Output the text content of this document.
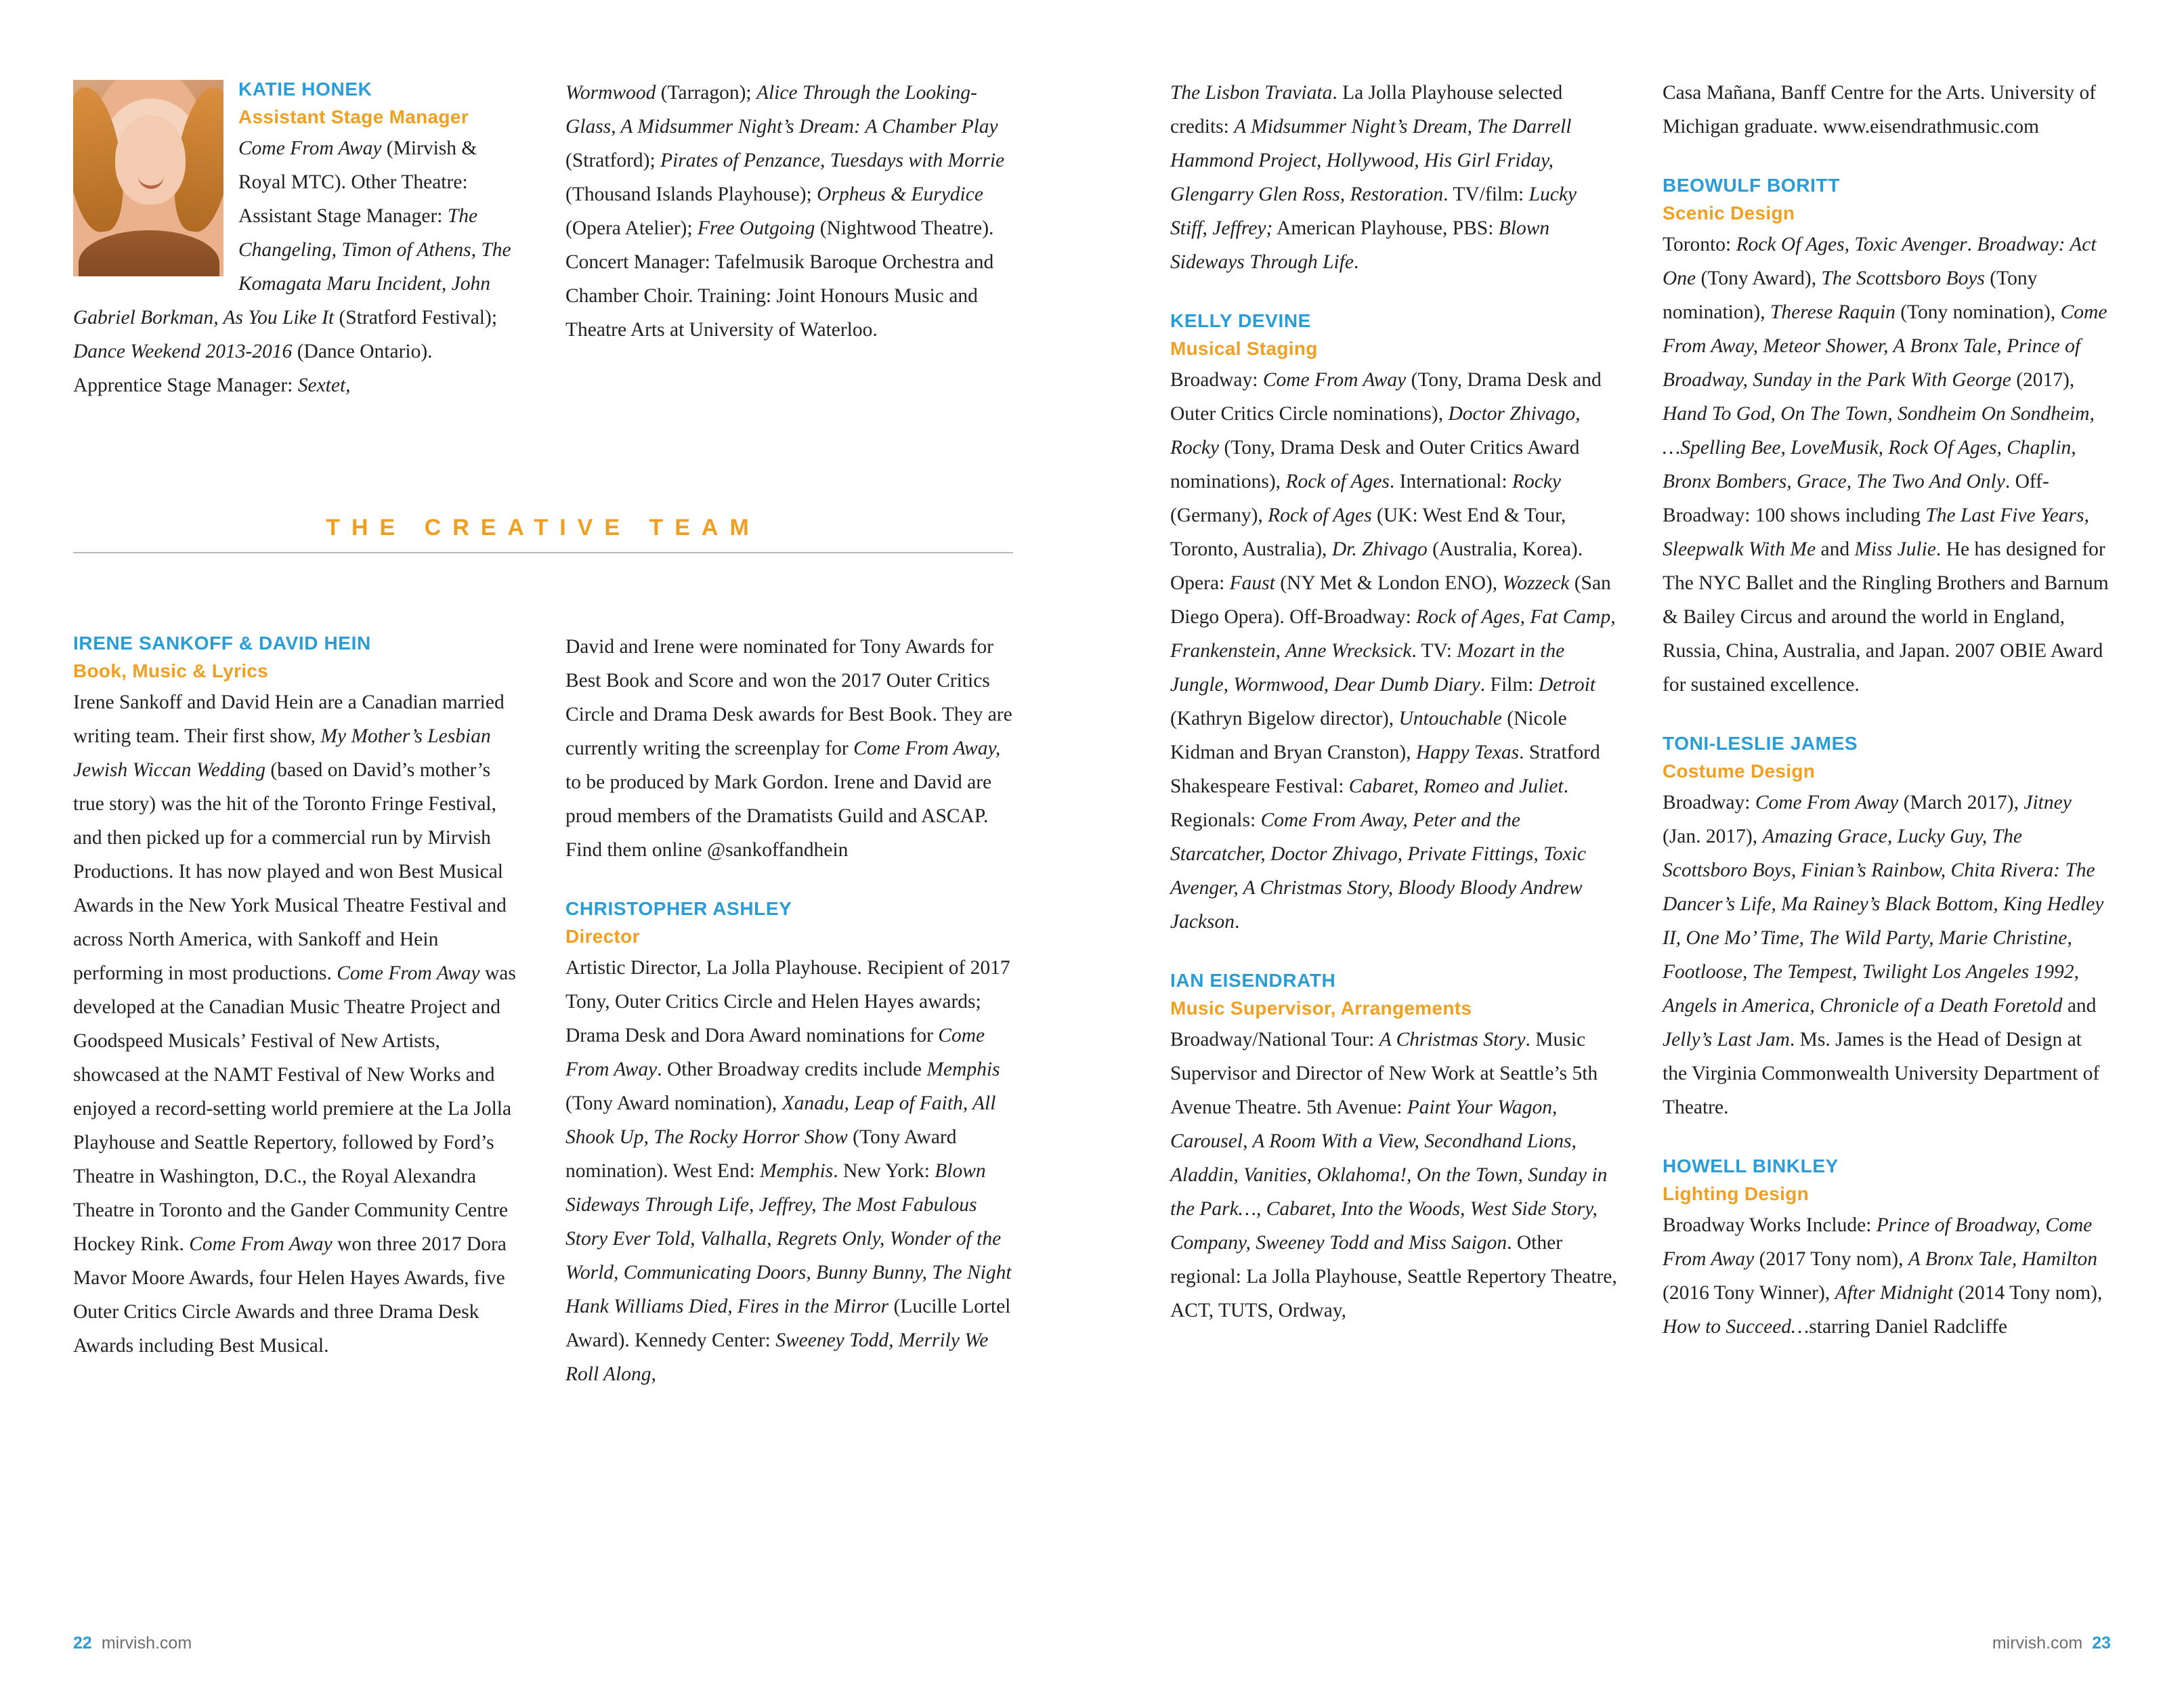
KATIE HONEK

Assistant Stage Manager

Come From Away (Mirvish & Royal MTC). Other Theatre: Assistant Stage Manager: The Changeling, Timon of Athens, The Komagata Maru Incident, John Gabriel Borkman, As You Like It (Stratford Festival); Dance Weekend 2013-2016 (Dance Ontario). Apprentice Stage Manager: Sextet,

Wormwood (Tarragon); Alice Through the Looking-Glass, A Midsummer Night’s Dream: A Chamber Play (Stratford); Pirates of Penzance, Tuesdays with Morrie (Thousand Islands Playhouse); Orpheus & Eurydice (Opera Atelier); Free Outgoing (Nightwood Theatre). Concert Manager: Tafelmusik Baroque Orchestra and Chamber Choir. Training: Joint Honours Music and Theatre Arts at University of Waterloo.

The Lisbon Traviata. La Jolla Playhouse selected credits: A Midsummer Night’s Dream, The Darrell Hammond Project, Hollywood, His Girl Friday, Glengarry Glen Ross, Restoration. TV/film: Lucky Stiff, Jeffrey; American Playhouse, PBS: Blown Sideways Through Life.

KELLY DEVINE

Musical Staging

Broadway: Come From Away (Tony, Drama Desk and Outer Critics Circle nominations), Doctor Zhivago, Rocky (Tony, Drama Desk and Outer Critics Award nominations), Rock of Ages. International: Rocky (Germany), Rock of Ages (UK: West End & Tour, Toronto, Australia), Dr. Zhivago (Australia, Korea). Opera: Faust (NY Met & London ENO), Wozzeck (San Diego Opera). Off-Broadway: Rock of Ages, Fat Camp, Frankenstein, Anne Wrecksick. TV: Mozart in the Jungle, Wormwood, Dear Dumb Diary. Film: Detroit (Kathryn Bigelow director), Untouchable (Nicole Kidman and Bryan Cranston), Happy Texas. Stratford Shakespeare Festival: Cabaret, Romeo and Juliet. Regionals: Come From Away, Peter and the Starcatcher, Doctor Zhivago, Private Fittings, Toxic Avenger, A Christmas Story, Bloody Bloody Andrew Jackson.

IAN EISENDRATH

Music Supervisor, Arrangements

Broadway/National Tour: A Christmas Story. Music Supervisor and Director of New Work at Seattle’s 5th Avenue Theatre. 5th Avenue: Paint Your Wagon, Carousel, A Room With a View, Secondhand Lions, Aladdin, Vanities, Oklahoma!, On the Town, Sunday in the Park…, Cabaret, Into the Woods, West Side Story, Company, Sweeney Todd and Miss Saigon. Other regional: La Jolla Playhouse, Seattle Repertory Theatre, ACT, TUTS, Ordway,

Casa Mañana, Banff Centre for the Arts. University of Michigan graduate. www.eisendrathmusic.com

BEOWULF BORITT

Scenic Design

Toronto: Rock Of Ages, Toxic Avenger. Broadway: Act One (Tony Award), The Scottsboro Boys (Tony nomination), Therese Raquin (Tony nomination), Come From Away, Meteor Shower, A Bronx Tale, Prince of Broadway, Sunday in the Park With George (2017), Hand To God, On The Town, Sondheim On Sondheim, …Spelling Bee, LoveMusik, Rock Of Ages, Chaplin, Bronx Bombers, Grace, The Two And Only. Off-Broadway: 100 shows including The Last Five Years, Sleepwalk With Me and Miss Julie. He has designed for The NYC Ballet and the Ringling Brothers and Barnum & Bailey Circus and around the world in England, Russia, China, Australia, and Japan. 2007 OBIE Award for sustained excellence.

TONI-LESLIE JAMES

Costume Design

Broadway: Come From Away (March 2017), Jitney (Jan. 2017), Amazing Grace, Lucky Guy, The Scottsboro Boys, Finian’s Rainbow, Chita Rivera: The Dancer’s Life, Ma Rainey’s Black Bottom, King Hedley II, One Mo’ Time, The Wild Party, Marie Christine, Footloose, The Tempest, Twilight Los Angeles 1992, Angels in America, Chronicle of a Death Foretold and Jelly’s Last Jam. Ms. James is the Head of Design at the Virginia Commonwealth University Department of Theatre.

HOWELL BINKLEY

Lighting Design

Broadway Works Include: Prince of Broadway, Come From Away (2017 Tony nom), A Bronx Tale, Hamilton (2016 Tony Winner), After Midnight (2014 Tony nom), How to Succeed…starring Daniel Radcliffe

THE CREATIVE TEAM

IRENE SANKOFF & DAVID HEIN

Book, Music & Lyrics

Irene Sankoff and David Hein are a Canadian married writing team. Their first show, My Mother’s Lesbian Jewish Wiccan Wedding (based on David’s mother’s true story) was the hit of the Toronto Fringe Festival, and then picked up for a commercial run by Mirvish Productions. It has now played and won Best Musical Awards in the New York Musical Theatre Festival and across North America, with Sankoff and Hein performing in most productions. Come From Away was developed at the Canadian Music Theatre Project and Goodspeed Musicals’ Festival of New Artists, showcased at the NAMT Festival of New Works and enjoyed a record-setting world premiere at the La Jolla Playhouse and Seattle Repertory, followed by Ford’s Theatre in Washington, D.C., the Royal Alexandra Theatre in Toronto and the Gander Community Centre Hockey Rink. Come From Away won three 2017 Dora Mavor Moore Awards, four Helen Hayes Awards, five Outer Critics Circle Awards and three Drama Desk Awards including Best Musical.

David and Irene were nominated for Tony Awards for Best Book and Score and won the 2017 Outer Critics Circle and Drama Desk awards for Best Book. They are currently writing the screenplay for Come From Away, to be produced by Mark Gordon. Irene and David are proud members of the Dramatists Guild and ASCAP. Find them online @sankoffandhein

CHRISTOPHER ASHLEY

Director

Artistic Director, La Jolla Playhouse. Recipient of 2017 Tony, Outer Critics Circle and Helen Hayes awards; Drama Desk and Dora Award nominations for Come From Away. Other Broadway credits include Memphis (Tony Award nomination), Xanadu, Leap of Faith, All Shook Up, The Rocky Horror Show (Tony Award nomination). West End: Memphis. New York: Blown Sideways Through Life, Jeffrey, The Most Fabulous Story Ever Told, Valhalla, Regrets Only, Wonder of the World, Communicating Doors, Bunny Bunny, The Night Hank Williams Died, Fires in the Mirror (Lucille Lortel Award). Kennedy Center: Sweeney Todd, Merrily We Roll Along,

22 mirvish.com	mirvish.com 23
